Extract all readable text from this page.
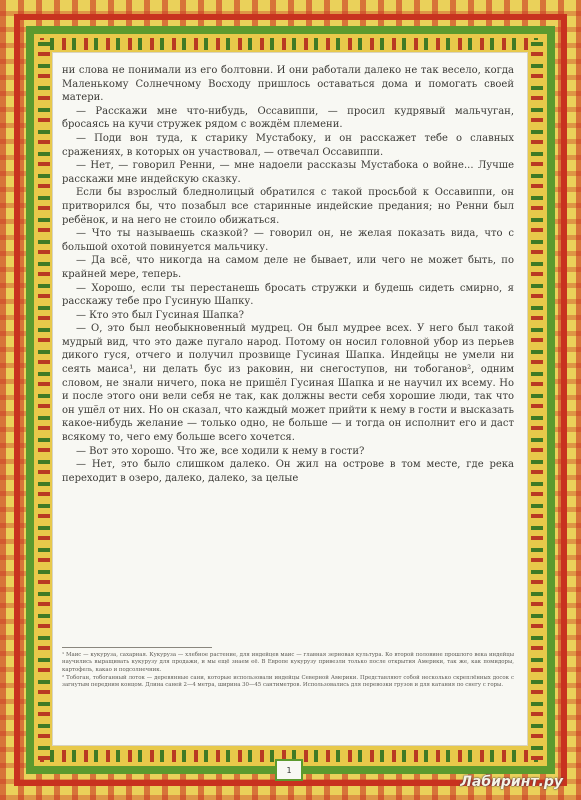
ни слова не понимали из его болтовни. И они работали далеко не так весело, когда Маленькому Солнечному Восходу пришлось оставаться дома и помогать своей матери.

— Расскажи мне что-нибудь, Оссавиппи, — просил кудрявый мальчуган, бросаясь на кучи стружек рядом с вождём племени.

— Поди вон туда, к старику Мустабоку, и он расскажет тебе о славных сражениях, в которых он участвовал, — отвечал Оссавиппи.

— Нет, — говорил Ренни, — мне надоели рассказы Мустабока о войне... Лучше расскажи мне индейскую сказку.

Если бы взрослый бледнолицый обратился с такой просьбой к Оссавиппи, он притворился бы, что позабыл все старинные индейские предания; но Ренни был ребёнок, и на него не стоило обижаться.

— Что ты называешь сказкой? — говорил он, не желая показать вида, что с большой охотой повинуется мальчику.

— Да всё, что никогда на самом деле не бывает, или чего не может быть, по крайней мере, теперь.

— Хорошо, если ты перестанешь бросать стружки и будешь сидеть смирно, я расскажу тебе про Гусиную Шапку.

— Кто это был Гусиная Шапка?

— О, это был необыкновенный мудрец. Он был мудрее всех. У него был такой мудрый вид, что это даже пугало народ. Потому он носил головной убор из перьев дикого гуся, отчего и получил прозвище Гусиная Шапка. Индейцы не умели ни сеять маиса¹, ни делать бус из раковин, ни снегоступов, ни тобоганов², одним словом, не знали ничего, пока не пришёл Гусиная Шапка и не научил их всему. Но и после этого они вели себя не так, как должны вести себя хорошие люди, так что он ушёл от них. Но он сказал, что каждый может прийти к нему в гости и высказать какое-нибудь желание — только одно, не больше — и тогда он исполнит его и даст всякому то, чего ему больше всего хочется.

— Вот это хорошо. Что же, все ходили к нему в гости?

— Нет, это было слишком далеко. Он жил на острове в том месте, где река переходит в озеро, далеко, далеко, за целые

¹ Маис — кукуруза, сахарная. Кукуруза — хлебное растение, для индейцев маис — главная зерновая культура. Ко второй половине прошлого века индейцы научились выращивать кукурузу для продажи, и мы ещё знаем её. В Европе кукурузу привезли только после открытия Америки, так же, как помидоры, картофель, какао и подсолнечник.

² Тобоган, тобоганный лоток — деревянные сани, которые использовали индейцы Северной Америки. Представляют собой несколько скреплённых досок с загнутым передним концом. Длина саней 2—4 метра, ширина 30—45 сантиметров. Использовались для перевозки грузов и для катания по снегу с горы.

1
Лабиринт.ру
